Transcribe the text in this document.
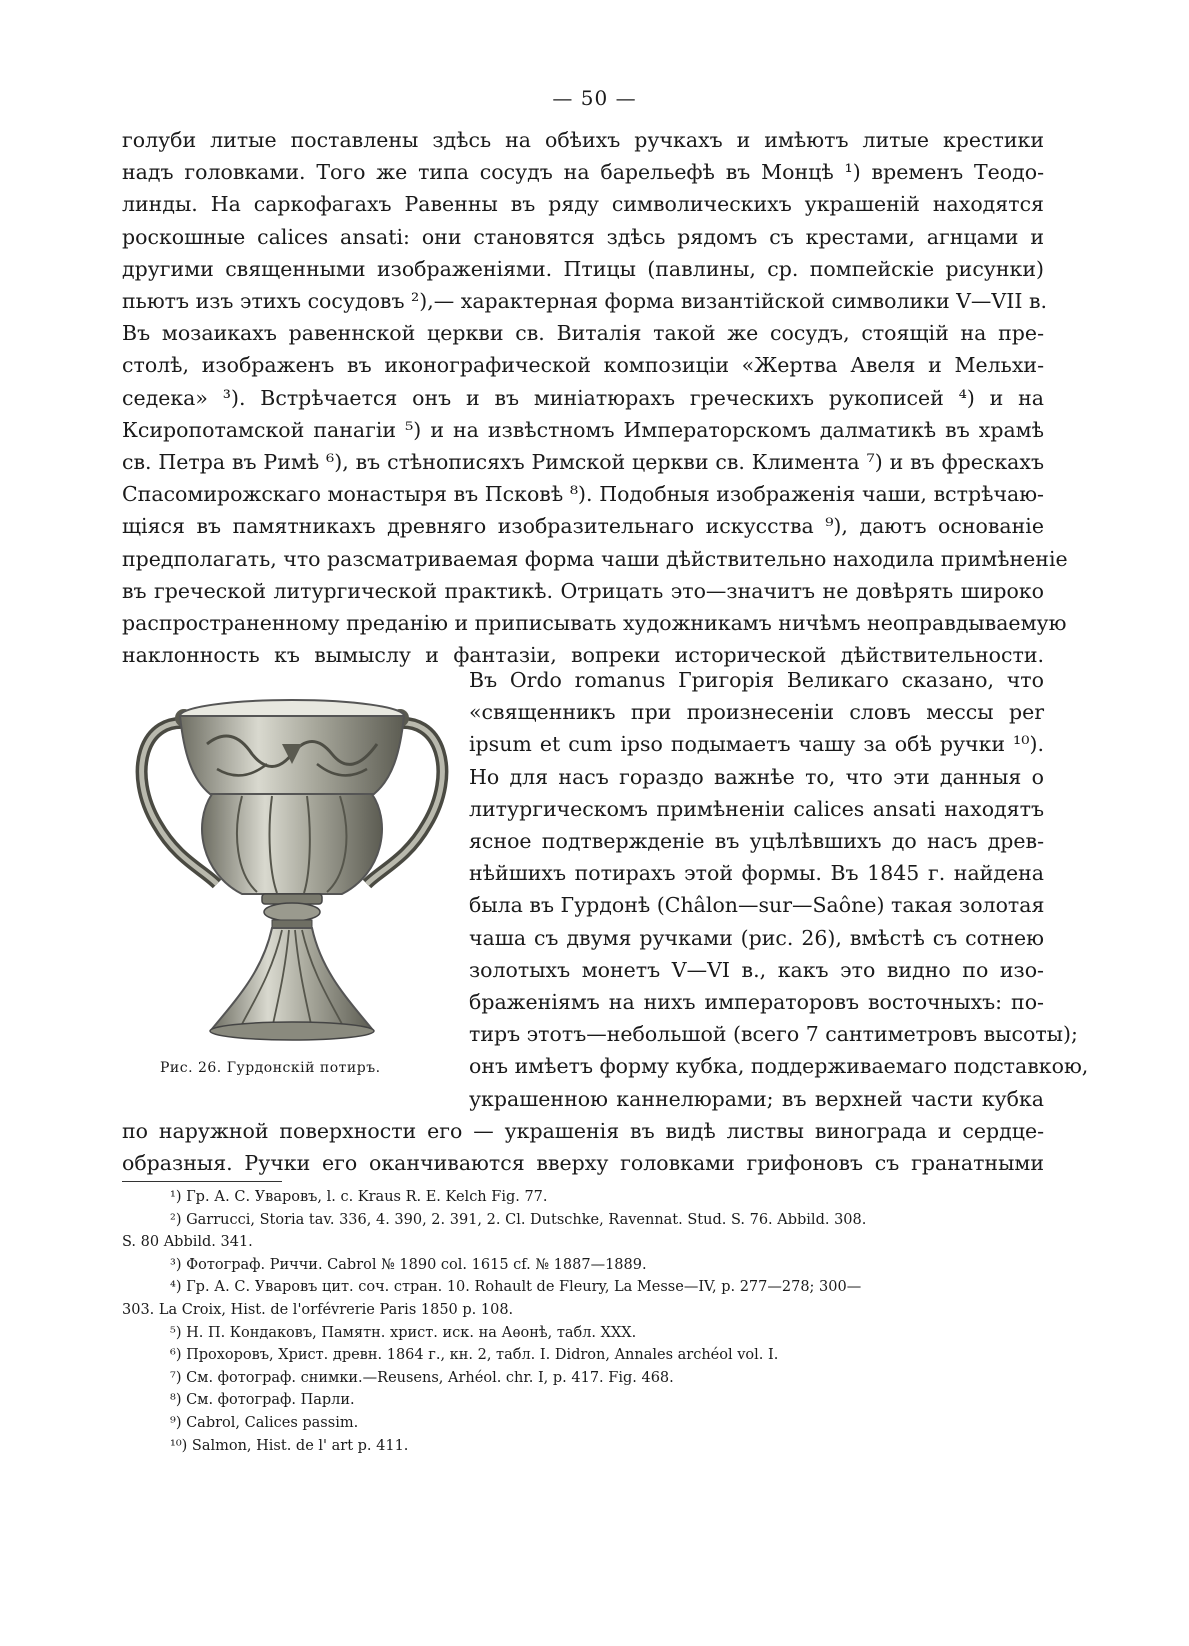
— 50 —

голуби литые поставлены здѣсь на обѣихъ ручкахъ и имѣютъ литые крестики

надъ головками. Того же типа сосудъ на барельефѣ въ Монцѣ ¹) временъ Теодо-

линды. На саркофагахъ Равенны въ ряду символическихъ украшеній находятся

роскошные calices ansati: они становятся здѣсь рядомъ съ крестами, агнцами и

другими священными изображеніями. Птицы (павлины, ср. помпейскіе рисунки)

пьютъ изъ этихъ сосудовъ ²),— характерная форма византійской символики V—VII в.

Въ мозаикахъ равеннской церкви св. Виталія такой же сосудъ, стоящій на пре-

столѣ, изображенъ въ иконографической композиціи «Жертва Авеля и Мельхи-

седека» ³). Встрѣчается онъ и въ миніатюрахъ греческихъ рукописей ⁴) и на

Ксиропотамской панагіи ⁵) и на извѣстномъ Императорскомъ далматикѣ въ храмѣ

св. Петра въ Римѣ ⁶), въ стѣнописяхъ Римской церкви св. Климента ⁷) и въ фрескахъ

Спасомирожскаго монастыря въ Псковѣ ⁸). Подобныя изображенія чаши, встрѣчаю-

щіяся въ памятникахъ древняго изобразительнаго искусства ⁹), даютъ основаніе

предполагать, что разсматриваемая форма чаши дѣйствительно находила примѣненіе

въ греческой литургической практикѣ. Отрицать это—значитъ не довѣрять широко

распространенному преданію и приписывать художникамъ ничѣмъ неоправдываемую

наклонность къ вымыслу и фантазіи, вопреки исторической дѣйствительности.

Рис. 26. Гурдонскій потиръ.

Въ Ordo romanus Григорія Великаго сказано, что

«священникъ при произнесеніи словъ мессы per

ipsum et cum ipso подымаетъ чашу за обѣ ручки ¹⁰).

Но для насъ гораздо важнѣе то, что эти данныя о

литургическомъ примѣненіи calices ansati находятъ

ясное подтвержденіе въ уцѣлѣвшихъ до насъ древ-

нѣйшихъ потирахъ этой формы. Въ 1845 г. найдена

была въ Гурдонѣ (Châlon—sur—Saône) такая золотая

чаша съ двумя ручками (рис. 26), вмѣстѣ съ сотнею

золотыхъ монетъ V—VI в., какъ это видно по изо-

браженіямъ на нихъ императоровъ восточныхъ: по-

тиръ этотъ—небольшой (всего 7 сантиметровъ высоты);

онъ имѣетъ форму кубка, поддерживаемаго подставкою,

украшенною каннелюрами; въ верхней части кубка

по наружной поверхности его — украшенія въ видѣ листвы винограда и сердце-

образныя. Ручки его оканчиваются вверху головками грифоновъ съ гранатными

¹) Гр. А. С. Уваровъ, l. c. Kraus R. E. Kelch Fig. 77.

²) Garrucci, Storia tav. 336, 4. 390, 2. 391, 2. Cl. Dutschke, Ravennat. Stud. S. 76. Abbild. 308.

S. 80 Abbild. 341.

³) Фотограф. Риччи. Cabrol № 1890 col. 1615 cf. № 1887—1889.

⁴) Гр. А. С. Уваровъ цит. соч. стран. 10. Rohault de Fleury, La Messe—IV, p. 277—278; 300—

303. La Croix, Hist. de l'orfévrerie Paris 1850 p. 108.

⁵) Н. П. Кондаковъ, Памятн. христ. иск. на Аѳонѣ, табл. XXX.

⁶) Прохоровъ, Христ. древн. 1864 г., кн. 2, табл. I. Didron, Annales archéol vol. I.

⁷) См. фотограф. снимки.—Reusens, Arhéol. chr. I, p. 417. Fig. 468.

⁸) См. фотограф. Парли.

⁹) Cabrol, Calices passim.

¹⁰) Salmon, Hist. de l' art p. 411.
